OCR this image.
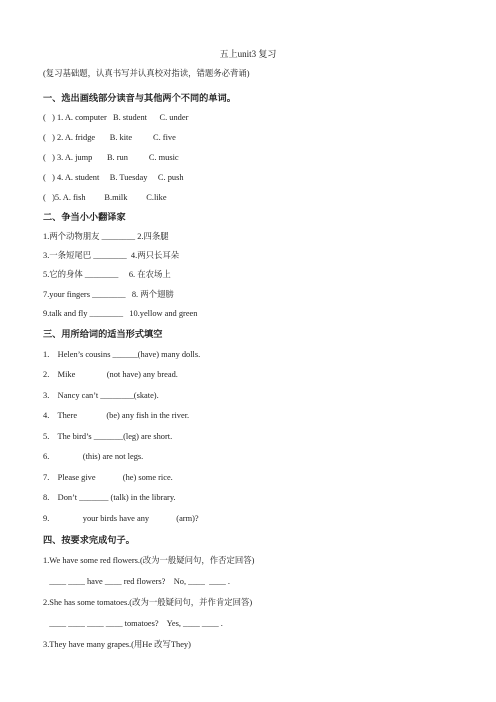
五上unit3 复习
(复习基础题，认真书写并认真校对指读，错题务必背诵)
一、选出画线部分读音与其他两个不同的单词。
(   ) 1. A. computer   B. student      C. under
(   ) 2. A. fridge       B. kite          C. five
(   ) 3. A. jump       B. run          C. music
(   ) 4. A. student     B. Tuesday     C. push
(   )5. A. fish         B.milk         C.like
二、争当小小翻译家
1.两个动物朋友 ________ 2.四条腿
3.一条短尾巴 ________  4.两只长耳朵
5.它的身体 ________     6. 在农场上
7.your fingers ________   8. 两个翅膀
9.talk and fly ________   10.yellow and green
三、用所给词的适当形式填空
1.    Helen’s cousins ______(have) many dolls.
2.    Mike               (not have) any bread.
3.    Nancy can’t ________(skate).
4.    There              (be) any fish in the river.
5.    The bird’s _______(leg) are short.
6.                (this) are not legs.
7.    Please give             (he) some rice.
8.    Don’t _______ (talk) in the library.
9.                your birds have any             (arm)?
四、按要求完成句子。
1.We have some red flowers.(改为一般疑问句，作否定回答)
____ ____ have ____ red flowers?    No, ____  ____ .
2.She has some tomatoes.(改为一般疑问句，并作肯定回答)
____ ____ ____ ____ tomatoes?    Yes, ____ ____ .
3.They have many grapes.(用He 改写They)
